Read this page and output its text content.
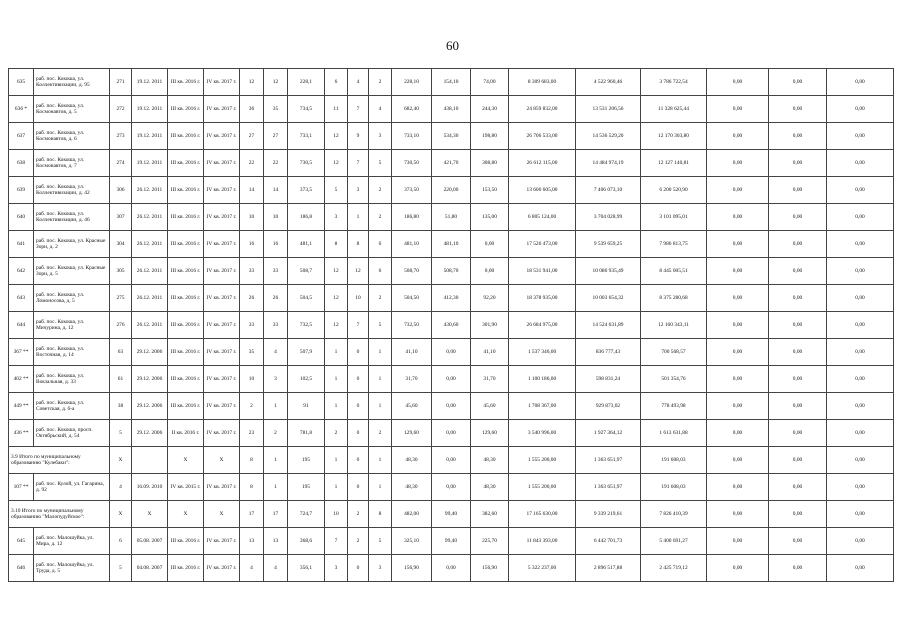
60
635	раб. пос. Кокоша, ул. Коллективизации, д. 95	271	19.12. 2011	III кв. 2016 г.	IV кв. 2017 г.	12	12	228,1	6	4	2	228,10	154,10	74,00	8 309 683,00	4 522 960,46	3 786 722,54	0,00	0,00	0,00
636 *	раб. пос. Кокоша, ул. Космонавтов, д. 5	272	19.12. 2011	III кв. 2016 г.	IV кв. 2017 г.	36	35	734,5	11	7	4	682,40	438,10	244,30	24 859 832,00	13 531 206,56	11 328 625,44	0,00	0,00	0,00
637	раб. пос. Кокоша, ул. Космонавтов, д. 6	273	19.12. 2011	III кв. 2016 г.	IV кв. 2017 г.	27	27	733,1	12	9	3	733,10	534,30	198,80	26 706 533,00	14 536 529,20	12 170 303,80	0,00	0,00	0,00
638	раб. пос. Кокоша, ул. Космонавтов, д. 7	274	19.12. 2011	III кв. 2016 г.	IV кв. 2017 г.	22	22	730,5	12	7	5	730,50	421,70	308,80	26 612 115,00	14 484 974,19	12 127 140,81	0,00	0,00	0,00
639	раб. пос. Кокоша, ул. Коллективизации, д. 42	306	26.12. 2011	III кв. 2016 г.	IV кв. 2017 г.	14	14	373,5	5	3	2	373,50	220,00	153,50	13 606 605,00	7 406 073,10	6 200 520,90	0,00	0,00	0,00
640	раб. пос. Кокоша, ул. Коллективизации, д. 46	307	26.12. 2011	III кв. 2016 г.	IV кв. 2017 г.	10	10	186,8	3	1	2	186,80	51,80	135,00	6 805 124,00	3 704 028,99	3 101 095,01	0,00	0,00	0,00
641	раб. пос. Кокоша, ул. Красные Зори, д. 2	304	26.12. 2011	III кв. 2016 г.	IV кв. 2017 г.	16	16	481,1	8	8	6	481,10	481,10	0,00	17 526 473,00	9 539 659,25	7 986 813,75	0,00	0,00	0,00
642	раб. пос. Кокоша, ул. Красные Зори, д. 5	305	26.12. 2011	III кв. 2016 г.	IV кв. 2017 г.	33	33	508,7	12	12	6	508,70	508,70	0,00	18 531 941,00	10 086 935,49	8 445 005,51	0,00	0,00	0,00
643	раб. пос. Кокоша, ул. Ломоносова, д. 5	275	26.12. 2011	III кв. 2016 г.	IV кв. 2017 г.	26	26	504,5	12	10	2	504,50	412,30	92,20	18 378 935,00	10 003 654,32	8 375 280,68	0,00	0,00	0,00
644	раб. пос. Кокоша, ул. Мичурина, д. 12	276	26.12. 2011	III кв. 2016 г.	IV кв. 2017 г.	33	33	732,5	12	7	5	732,50	430,60	301,90	26 684 975,00	14 524 631,89	12 160 343,11	0,00	0,00	0,00
367 **	раб. пос. Кокоша, ул. Восточная, д. 14	63	29.12. 2006	III кв. 2016 г.	IV кв. 2017 г.	35	4	507,9	1	0	1	41,10	0,00	41,10	1 537 346,00	836 777,43	700 568,57	0,00	0,00	0,00
402 **	раб. пос. Кокоша, ул. Вокзальная, д. 33	61	29.12. 2006	III кв. 2016 г.	IV кв. 2017 г.	10	3	102,5	1	0	1	31,70	0,00	31,70	1 100 186,00	598 831,24	501 354,76	0,00	0,00	0,00
449 **	раб. пос. Кокоша, ул. Советская, д. 6-а	38	29.12. 2006	III кв. 2016 г.	IV кв. 2017 г.	2	1	91	1	0	1	45,60	0,00	45,60	1 708 367,00	929 873,02	778 493,98	0,00	0,00	0,00
436 **	раб. пос. Кокоша, просп. Октябрьский, д. 54	5	29.12. 2006	II кв. 2016 г.	IV кв. 2017 г.	23	2	781,8	2	0	2	129,60	0,00	129,60	3 540 996,00	1 927 364,12	1 613 631,88	0,00	0,00	0,00
3.9 Итого по муниципальному образованию "Кулебаки":		X		X	X	8	1	195	1	0	1	48,30	0,00	48,30	1 555 200,00	1 363 651,97	191 608,03	0,00	0,00	0,00
107 **	раб. пос. Кулой, ул. Гагарина, д. 92	4	16.09. 2010	IV кв. 2015 г.	IV кв. 2017 г.	8	1	195	1	0	1	48,30	0,00	48,30	1 555 200,00	1 363 651,97	191 608,03	0,00	0,00	0,00
3.10 Итого по муниципальному образованию "Малопудуйское":		X	X	X	X	17	17	724,7	10	2	8	482,00	99,40	382,60	17 165 630,00	9 339 219,61	7 826 410,39	0,00	0,00	0,00
645	раб. пос. Малошуйка, ул. Мира, д. 12	6	05.08. 2007	III кв. 2016 г.	IV кв. 2017 г.	13	13	368,6	7	2	5	325,10	99,40	225,70	11 843 393,00	6 442 701,73	5 400 691,27	0,00	0,00	0,00
646	раб. пос. Малошуйка, ул. Труда, д. 5	5	04.08. 2007	III кв. 2016 г.	IV кв. 2017 г.	4	4	356,1	3	0	3	156,90	0,00	156,90	5 322 237,00	2 896 517,88	2 425 719,12	0,00	0,00	0,00
